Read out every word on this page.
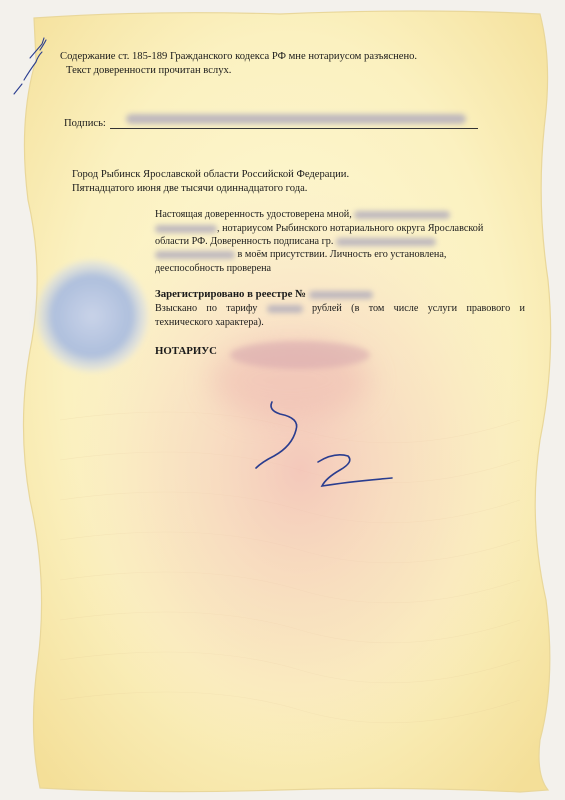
Содержание ст. 185-189 Гражданского кодекса РФ мне нотариусом разъяснено.
Текст доверенности прочитан вслух.
Подпись:
Город Рыбинск Ярославской области Российской Федерации.
Пятнадцатого июня две тысячи одиннадцатого года.
Настоящая доверенность удостоверена мной,
, нотариусом Рыбинского нотариального округа Ярославской
области РФ. Доверенность подписана гр.
в моём присутствии. Личность его установлена,
дееспособность проверена
Зарегистрировано в реестре №
Взыскано по тарифу	рублей (в том числе услуги правового и
технического характера).
НОТАРИУС
